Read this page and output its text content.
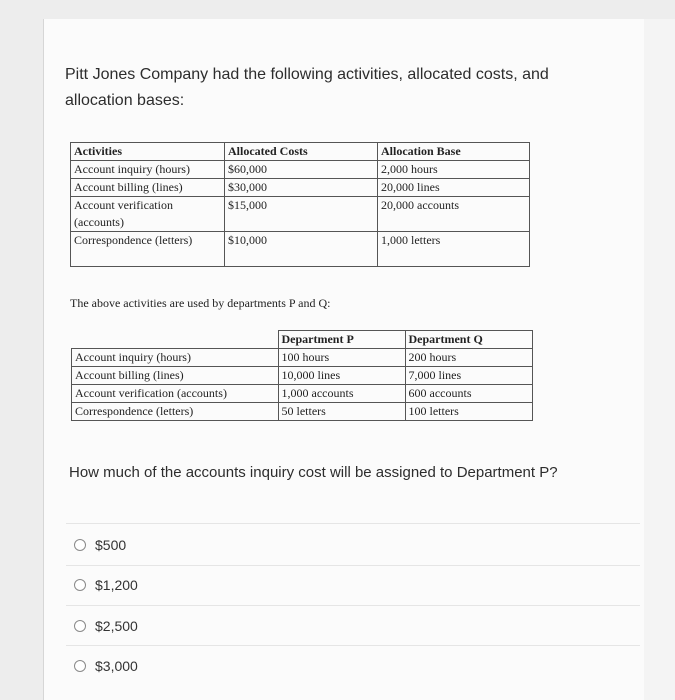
Pitt Jones Company had the following activities, allocated costs, and allocation bases:
Activities	Allocated Costs	Allocation Base
Account inquiry (hours)	$60,000	2,000 hours
Account billing (lines)	$30,000	20,000 lines
Account verification (accounts)	$15,000	20,000 accounts
Correspondence (letters)	$10,000	1,000 letters
The above activities are used by departments P and Q:
	Department P	Department Q
Account inquiry (hours)	100 hours	200 hours
Account billing (lines)	10,000 lines	7,000 lines
Account verification (accounts)	1,000 accounts	600 accounts
Correspondence (letters)	50 letters	100 letters
How much of the accounts inquiry cost will be assigned to Department P?
$500
$1,200
$2,500
$3,000
